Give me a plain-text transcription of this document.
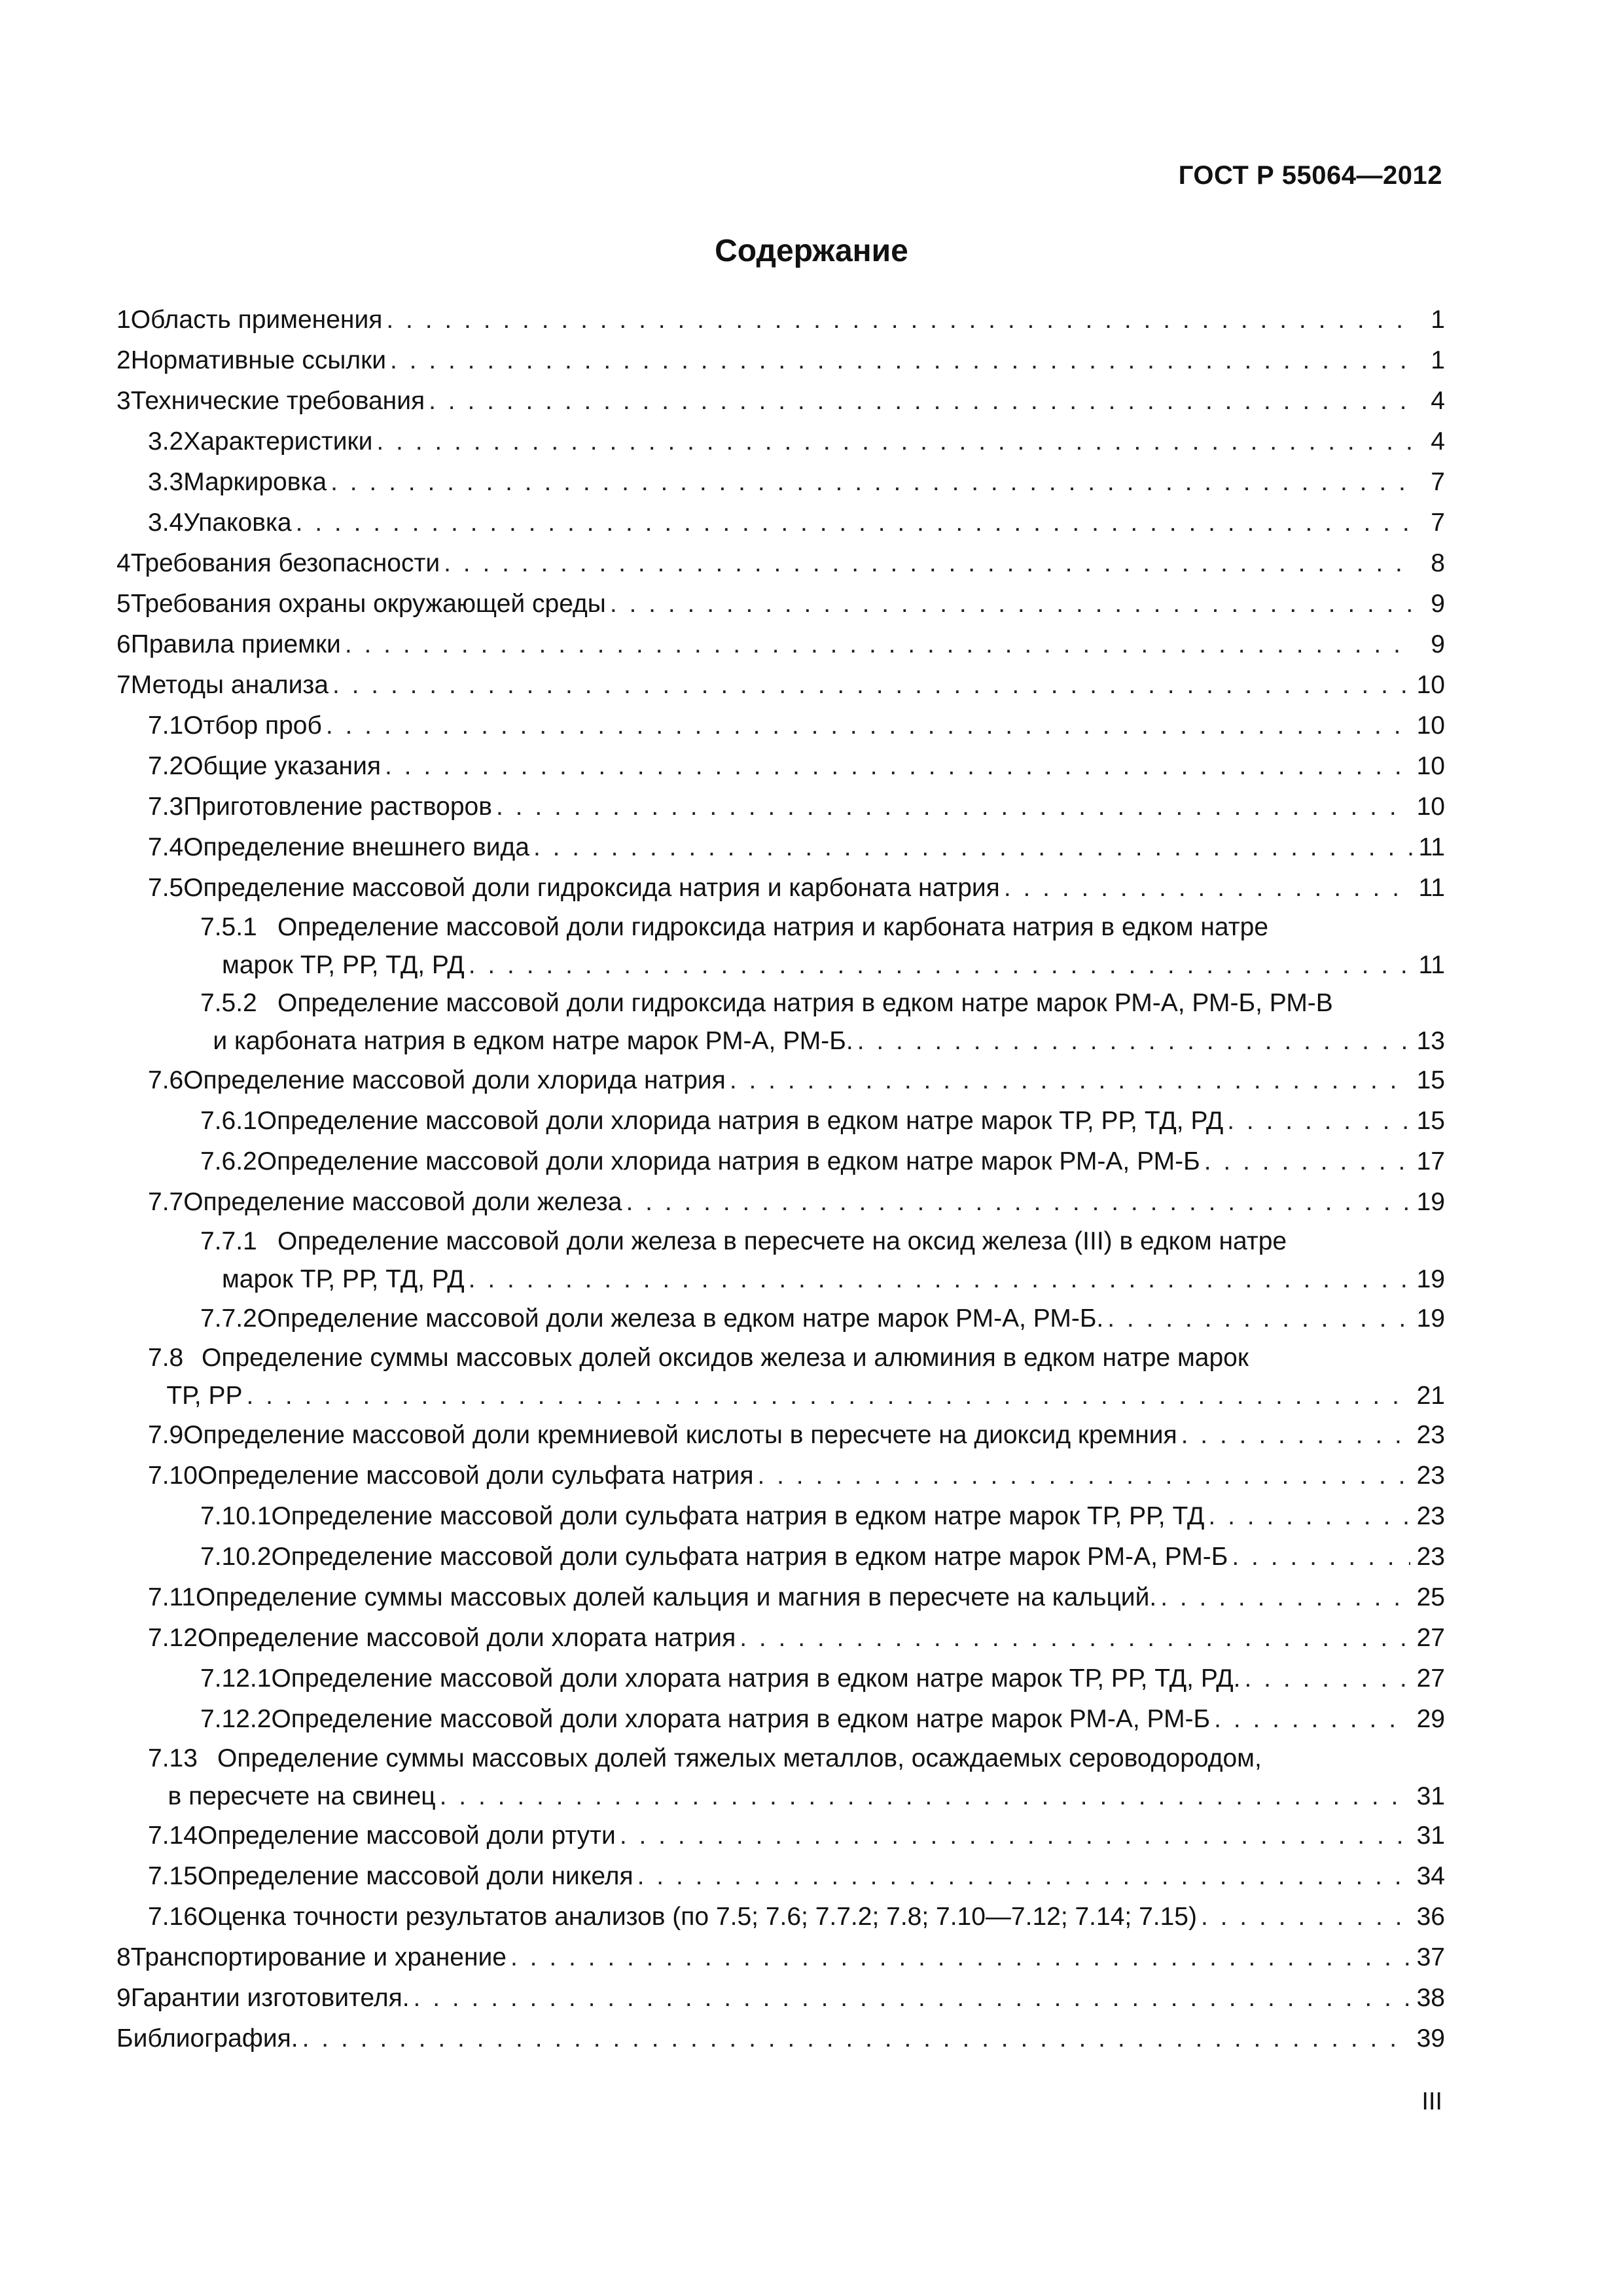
ГОСТ Р 55064—2012
Содержание
1 Область применения . . .	1
2 Нормативные ссылки . . .	1
3 Технические требования . . .	4
3.2 Характеристики . . .	4
3.3 Маркировка . . .	7
3.4 Упаковка . . .	7
4 Требования безопасности . . .	8
5 Требования охраны окружающей среды . . .	9
6 Правила приемки . . .	9
7 Методы анализа . . .	10
7.1 Отбор проб . . .	10
7.2 Общие указания . . .	10
7.3 Приготовление растворов . . .	10
7.4 Определение внешнего вида . . .	11
7.5 Определение массовой доли гидроксида натрия и карбоната натрия . . .	11
7.5.1 Определение массовой доли гидроксида натрия и карбоната натрия в едком натре
марок ТР, РР, ТД, РД . . .	11
7.5.2 Определение массовой доли гидроксида натрия в едком натре марок РМ-А, РМ-Б, РМ-В
и карбоната натрия в едком натре марок РМ-А, РМ-Б. . . .	13
7.6 Определение массовой доли хлорида натрия . . .	15
7.6.1 Определение массовой доли хлорида натрия в едком натре марок ТР, РР, ТД, РД . . .	15
7.6.2 Определение массовой доли хлорида натрия в едком натре марок РМ-А, РМ-Б . . .	17
7.7 Определение массовой доли железа . . .	19
7.7.1 Определение массовой доли железа в пересчете на оксид железа (III) в едком натре
марок ТР, РР, ТД, РД . . .	19
7.7.2 Определение массовой доли железа в едком натре марок РМ-А, РМ-Б. . . .	19
7.8 Определение суммы массовых долей оксидов железа и алюминия в едком натре марок
ТР, РР . . .	21
7.9 Определение массовой доли кремниевой кислоты в пересчете на диоксид кремния . . .	23
7.10 Определение массовой доли сульфата натрия . . .	23
7.10.1 Определение массовой доли сульфата натрия в едком натре марок ТР, РР, ТД . . .	23
7.10.2 Определение массовой доли сульфата натрия в едком натре марок РМ-А, РМ-Б . . .	23
7.11 Определение суммы массовых долей кальция и магния в пересчете на кальций. . . .	25
7.12 Определение массовой доли хлората натрия . . .	27
7.12.1 Определение массовой доли хлората натрия в едком натре марок ТР, РР, ТД, РД. . . .	27
7.12.2 Определение массовой доли хлората натрия в едком натре марок РМ-А, РМ-Б . . .	29
7.13 Определение суммы массовых долей тяжелых металлов, осаждаемых сероводородом,
в пересчете на свинец . . .	31
7.14 Определение массовой доли ртути . . .	31
7.15 Определение массовой доли никеля . . .	34
7.16 Оценка точности результатов анализов (по 7.5; 7.6; 7.7.2; 7.8; 7.10—7.12; 7.14; 7.15) . . .	36
8 Транспортирование и хранение . . .	37
9 Гарантии изготовителя. . . .	38
Библиография. . . .	39
III
